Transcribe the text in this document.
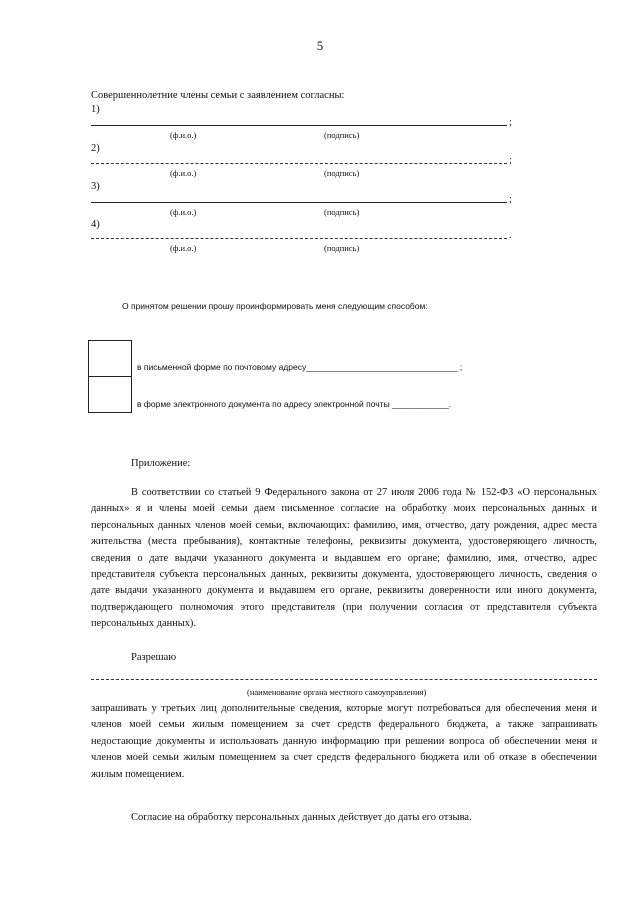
5
Совершеннолетние члены семьи с заявлением согласны:
1)
;
(ф.и.о.)	(подпись)
2)
;
(ф.и.о.)	(подпись)
3)
;
(ф.и.о.)	(подпись)
4)
.
(ф.и.о.)	(подпись)
О принятом решении прошу проинформировать меня следующим способом:
в письменной форме по почтовому адресу________________________________ ;
в форме электронного документа по адресу электронной почты ____________.
Приложение:

В соответствии со статьей 9 Федерального закона от 27 июля 2006 года № 152-ФЗ «О персональных данных» я и члены моей семьи даем письменное согласие на обработку моих персональных данных и персональных данных членов моей семьи, включающих: фамилию, имя, отчество, дату рождения, адрес места жительства (места пребывания), контактные телефоны, реквизиты документа, удостоверяющего личность, сведения о дате выдачи указанного документа и выдавшем его органе; фамилию, имя, отчество, адрес представителя субъекта персональных данных, реквизиты документа, удостоверяющего личность, сведения о дате выдачи указанного документа и выдавшем его органе, реквизиты доверенности или иного документа, подтверждающего полномочия этого представителя (при получении согласия от представителя субъекта персональных данных).

Разрешаю
(наименование органа местного самоуправления)

запрашивать у третьих лиц дополнительные сведения, которые могут потребоваться для обеспечения меня и членов моей семьи жилым помещением за счет средств федерального бюджета, а также запрашивать недостающие документы и использовать данную информацию при решении вопроса об обеспечении меня и членов моей семьи жилым помещением за счет средств федерального бюджета или об отказе в обеспечении жилым помещением.

Согласие на обработку персональных данных действует до даты его отзыва.
